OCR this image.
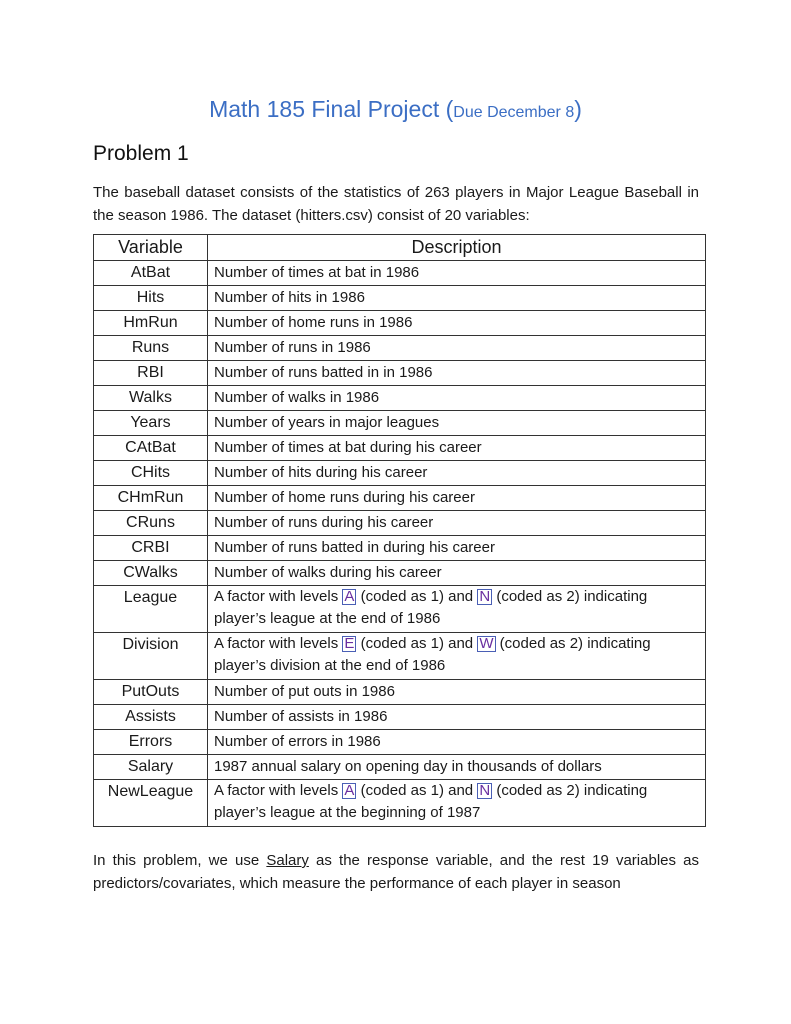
Math 185 Final Project (Due December 8)
Problem 1
The baseball dataset consists of the statistics of 263 players in Major League Baseball in the season 1986. The dataset (hitters.csv) consist of 20 variables:
Variable	Description
AtBat	Number of times at bat in 1986
Hits	Number of hits in 1986
HmRun	Number of home runs in 1986
Runs	Number of runs in 1986
RBI	Number of runs batted in in 1986
Walks	Number of walks in 1986
Years	Number of years in major leagues
CAtBat	Number of times at bat during his career
CHits	Number of hits during his career
CHmRun	Number of home runs during his career
CRuns	Number of runs during his career
CRBI	Number of runs batted in during his career
CWalks	Number of walks during his career
League	A factor with levels A (coded as 1) and N (coded as 2) indicating
player’s league at the end of 1986
Division	A factor with levels E (coded as 1) and W (coded as 2) indicating
player’s division at the end of 1986
PutOuts	Number of put outs in 1986
Assists	Number of assists in 1986
Errors	Number of errors in 1986
Salary	1987 annual salary on opening day in thousands of dollars
NewLeague	A factor with levels A (coded as 1) and N (coded as 2) indicating
player’s league at the beginning of 1987
In this problem, we use Salary as the response variable, and the rest 19 variables as predictors/covariates, which measure the performance of each player in season
